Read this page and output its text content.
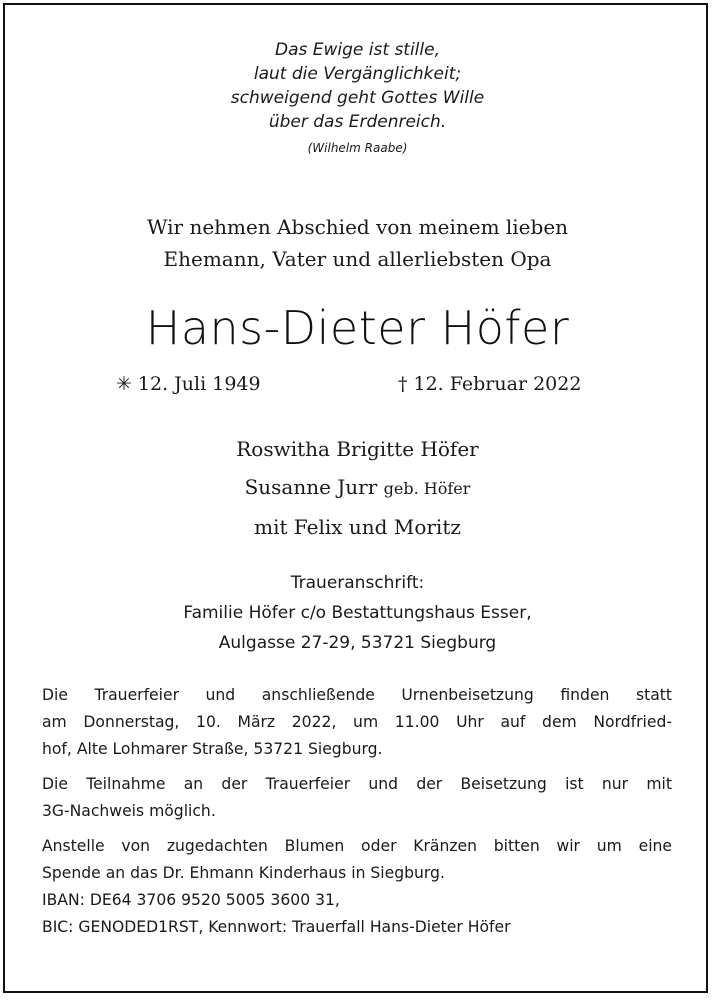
Das Ewige ist stille,
laut die Vergänglichkeit;
schweigend geht Gottes Wille
über das Erdenreich.
(Wilhelm Raabe)
Wir nehmen Abschied von meinem lieben
Ehemann, Vater und allerliebsten Opa
Hans-Dieter Höfer
✳ 12. Juli 1949	† 12. Februar 2022
Roswitha Brigitte Höfer
Susanne Jurr geb. Höfer
mit Felix und Moritz
Traueranschrift:
Familie Höfer c/o Bestattungshaus Esser,
Aulgasse 27-29, 53721 Siegburg
Die Trauerfeier und anschließende Urnenbeisetzung finden statt
am Donnerstag, 10. März 2022, um 11.00 Uhr auf dem Nordfried-
hof, Alte Lohmarer Straße, 53721 Siegburg.
Die Teilnahme an der Trauerfeier und der Beisetzung ist nur mit
3G-Nachweis möglich.
Anstelle von zugedachten Blumen oder Kränzen bitten wir um eine
Spende an das Dr. Ehmann Kinderhaus in Siegburg.
IBAN: DE64 3706 9520 5005 3600 31,
BIC: GENODED1RST, Kennwort: Trauerfall Hans-Dieter Höfer
